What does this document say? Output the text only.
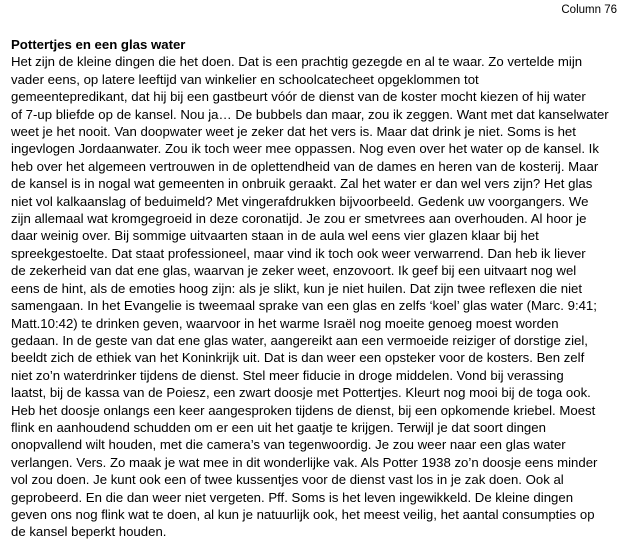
Column 76
Pottertjes en een glas water
Het zijn de kleine dingen die het doen. Dat is een prachtig gezegde en al te waar. Zo vertelde mijn
vader eens, op latere leeftijd van winkelier en schoolcatecheet opgeklommen tot
gemeentepredikant, dat hij bij een gastbeurt vóór de dienst van de koster mocht kiezen of hij water
of 7-up bliefde op de kansel. Nou ja… De bubbels dan maar, zou ik zeggen. Want met dat kanselwater
weet je het nooit. Van doopwater weet je zeker dat het vers is. Maar dat drink je niet. Soms is het
ingevlogen Jordaanwater. Zou ik toch weer mee oppassen. Nog even over het water op de kansel. Ik
heb over het algemeen vertrouwen in de oplettendheid van de dames en heren van de kosterij. Maar
de kansel is in nogal wat gemeenten in onbruik geraakt. Zal het water er dan wel vers zijn? Het glas
niet vol kalkaanslag of beduimeld? Met vingerafdrukken bijvoorbeeld. Gedenk uw voorgangers. We
zijn allemaal wat kromgegroeid in deze coronatijd. Je zou er smetvrees aan overhouden. Al hoor je
daar weinig over. Bij sommige uitvaarten staan in de aula wel eens vier glazen klaar bij het
spreekgestoelte. Dat staat professioneel, maar vind ik toch ook weer verwarrend. Dan heb ik liever
de zekerheid van dat ene glas, waarvan je zeker weet, enzovoort. Ik geef bij een uitvaart nog wel
eens de hint, als de emoties hoog zijn: als je slikt, kun je niet huilen. Dat zijn twee reflexen die niet
samengaan. In het Evangelie is tweemaal sprake van een glas en zelfs ‘koel’ glas water (Marc. 9:41;
Matt.10:42) te drinken geven, waarvoor in het warme Israël nog moeite genoeg moest worden
gedaan. In de geste van dat ene glas water, aangereikt aan een vermoeide reiziger of dorstige ziel,
beeldt zich de ethiek van het Koninkrijk uit. Dat is dan weer een opsteker voor de kosters. Ben zelf
niet zo’n waterdrinker tijdens de dienst. Stel meer fiducie in droge middelen. Vond bij verassing
laatst, bij de kassa van de Poiesz, een zwart doosje met Pottertjes. Kleurt nog mooi bij de toga ook.
Heb het doosje onlangs een keer aangesproken tijdens de dienst, bij een opkomende kriebel. Moest
flink en aanhoudend schudden om er een uit het gaatje te krijgen. Terwijl je dat soort dingen
onopvallend wilt houden, met die camera’s van tegenwoordig. Je zou weer naar een glas water
verlangen. Vers. Zo maak je wat mee in dit wonderlijke vak. Als Potter 1938 zo’n doosje eens minder
vol zou doen. Je kunt ook een of twee kussentjes voor de dienst vast los in je zak doen. Ook al
geprobeerd. En die dan weer niet vergeten. Pff. Soms is het leven ingewikkeld. De kleine dingen
geven ons nog flink wat te doen, al kun je natuurlijk ook, het meest veilig, het aantal consumpties op
de kansel beperkt houden.
